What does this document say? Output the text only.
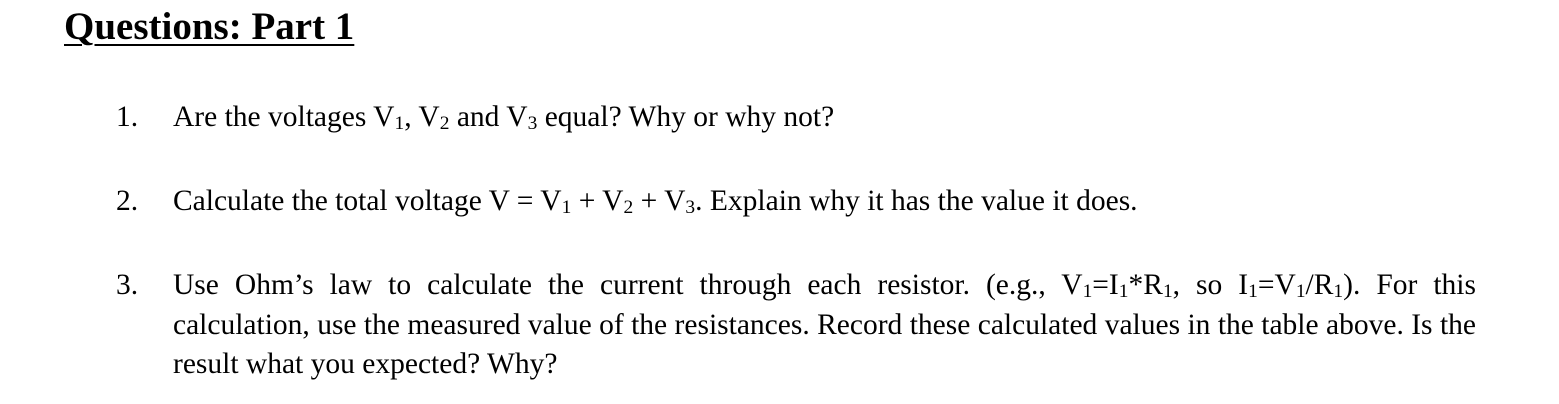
Questions: Part 1
1.	Are the voltages V1, V2 and V3 equal? Why or why not?
2.	Calculate the total voltage V = V1 + V2 + V3. Explain why it has the value it does.
3.	Use Ohm’s law to calculate the current through each resistor. (e.g., V1=I1*R1, so I1=V1/R1). For this calculation, use the measured value of the resistances. Record these calculated values in the table above. Is the result what you expected? Why?
